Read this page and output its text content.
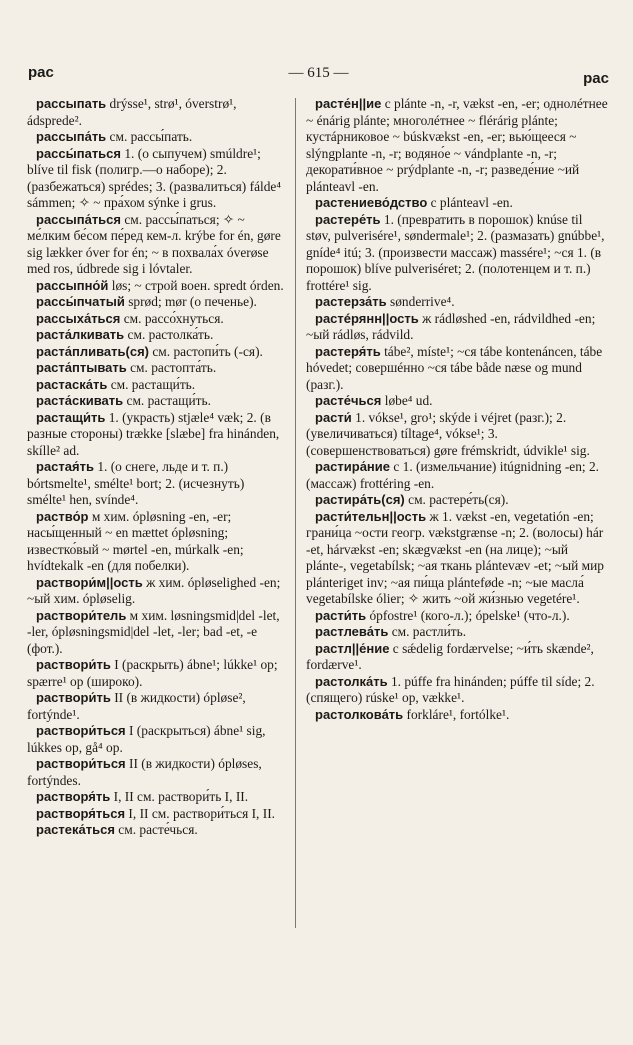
рас	— 615 —	рас

рассыпать drýsse¹, strø¹, óverstrø¹, ádsprede².

рассыпа́ть см. рассы́пать.

рассы́паться 1. (о сыпучем) smúldre¹; blíve til fisk (полигр.—о наборе); 2. (разбежаться) sprédes; 3. (развалиться) fálde⁴ sámmen; ✧ ~ пра́хом sýnke i grus.

рассыпа́ться см. рассы́паться; ✧ ~ ме́лким бе́сом пе́ред кем-л. krýbe for én, gøre sig lækker óver for én; ~ в похвала́х óverøse med ros, údbrede sig i lóvtaler.

рассыпно́й løs; ~ строй воен. spredt órden.

рассы́пчатый sprød; mør (о печенье).

рассыха́ться см. рассо́хнуться.

раста́лкивать см. растолка́ть.

раста́пливать(ся) см. растопи́ть (-ся).

раста́птывать см. растопта́ть.

растаска́ть см. растащи́ть.

раста́скивать см. растащи́ть.

растащи́ть 1. (укрaсть) stjæle⁴ væk; 2. (в разные стороны) trække [slæbe] fra hinánden, skílle² ad.

растая́ть 1. (о снеге, льде и т. п.) bórtsmelte¹, smélte¹ bort; 2. (исчезнуть) smélte¹ hen, svínde⁴.

раство́р м хим. ópløsning -en, -er; насы́щенный ~ en mættet ópløsning; известко́вый ~ mørtel -en, múrkalk -en; hvídtekalk -en (для побелки).

раствори́м||ость ж хим. ópløselighed -en; ~ый хим. ópløselig.

раствори́тель м хим. løsningsmid|del -let, -ler, ópløsningsmid|del -let, -ler; bad -et, -e (фот.).

раствори́ть I (раскрыть) ábne¹; lúkke¹ op; spærre¹ op (широко).

раствори́ть II (в жидкости) ópløse², fortýnde¹.

раствори́ться I (раскрыться) ábne¹ sig, lúkkes op, gå⁴ op.

раствори́ться II (в жидкости) ópløses, fortýndes.

растворя́ть I, II см. раствори́ть I, II.

растворя́ться I, II см. раствори́ться I, II.

растека́ться см. расте́чься.

расте́н||ие с plánte -n, -r, vækst -en, -er; однолéтнее ~ énárig plánte; многолéтнее ~ flérárig plánte; кустáрниковое ~ búskvækst -en, -er; вью́щееся ~ slýngplante -n, -r; водяно́е ~ vándplante -n, -r; декорати́вное ~ prýdplante -n, -r; разведе́ние ~ий plánteavl -en.

растениево́дство с plánteavl -en.

растере́ть 1. (превратить в порошок) knúse til støv, pulverisére¹, søndermale¹; 2. (размазать) gnúbbe¹, gníde⁴ itú; 3. (произвести массаж) massére¹; ~ся 1. (в порошок) blíve pulveriséret; 2. (полотенцем и т. п.) frottére¹ sig.

растерза́ть sønderrive⁴.

растéрянн||ость ж rádløshed -en, rádvildhed -en; ~ый rádløs, rádvild.

растеря́ть tábe², míste¹; ~ся tábe kontenáncen, tábe hóvedet; совершéнно ~ся tábe både næse og mund (разг.).

расте́чься løbe⁴ ud.

расти́ 1. vókse¹, gro¹; skýde i véjret (разг.); 2. (увеличиваться) tíltage⁴, vókse¹; 3. (совершенствоваться) gøre frémskridt, údvikle¹ sig.

растира́ние с 1. (измельчание) itúgnidning -en; 2. (массаж) frottéring -en.

растира́ть(ся) см. растере́ть(ся).

расти́тельн||ость ж 1. vækst -en, vegetatión -en; грани́ца ~ости геогр. vækstgrænse -n; 2. (волосы) hár -et, hárvækst -en; skægvækst -en (на лице); ~ый plánte-, vegetabílsk; ~ая ткань plántevæv -et; ~ый мир plánteriget inv; ~ая пи́ща plánteføde -n; ~ые масла́ vegetabílske ólier; ✧ жить ~ой жи́знью vegetére¹.

расти́ть ópfostre¹ (кого-л.); ópelske¹ (что-л.).

растлева́ть см. растли́ть.

растл||е́ние с sǽdelig fordærvelse; ~и́ть skænde², fordærve¹.

растолка́ть 1. púffe fra hinánden; púffe til síde; 2. (спящего) rúske¹ op, vække¹.

растолкова́ть forkláre¹, fortólke¹.
